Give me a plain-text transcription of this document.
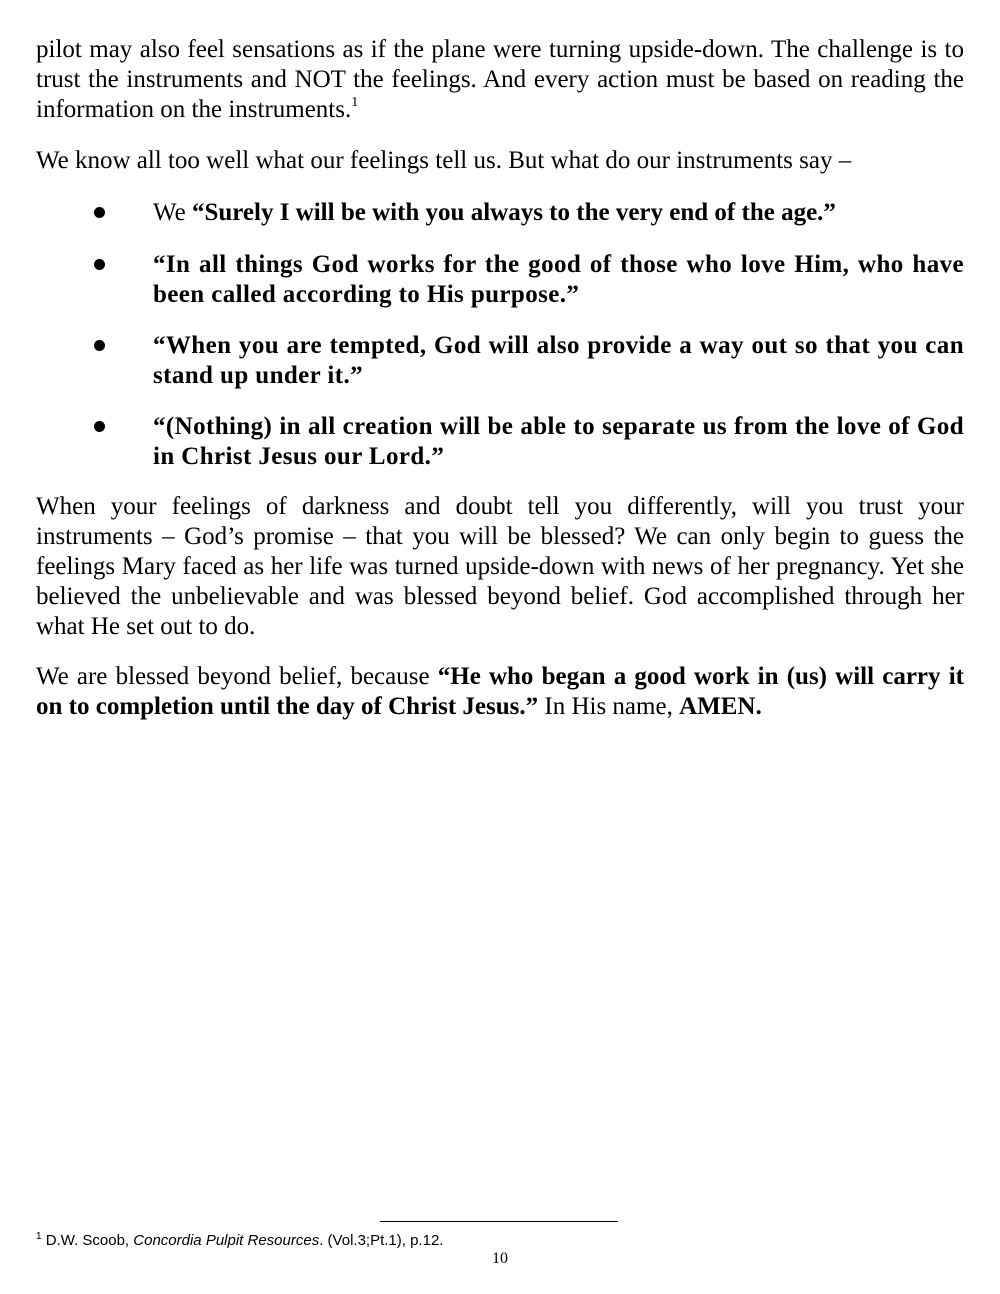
pilot may also feel sensations as if the plane were turning upside-down. The challenge is to trust the instruments and NOT the feelings. And every action must be based on reading the information on the instruments.$^1$

We know all too well what our feelings tell us. But what do our instruments say –

We “Surely I will be with you always to the very end of the age.”
“In all things God works for the good of those who love Him, who have been called according to His purpose.”
“When you are tempted, God will also provide a way out so that you can stand up under it.”
“(Nothing) in all creation will be able to separate us from the love of God in Christ Jesus our Lord.”

When your feelings of darkness and doubt tell you differently, will you trust your instruments – God’s promise – that you will be blessed? We can only begin to guess the feelings Mary faced as her life was turned upside-down with news of her pregnancy. Yet she believed the unbelievable and was blessed beyond belief. God accomplished through her what He set out to do.

We are blessed beyond belief, because “He who began a good work in (us) will carry it on to completion until the day of Christ Jesus.” In His name, AMEN.

$^1$ D.W. Scoob, Concordia Pulpit Resources. (Vol.3;Pt.1), p.12.
10
